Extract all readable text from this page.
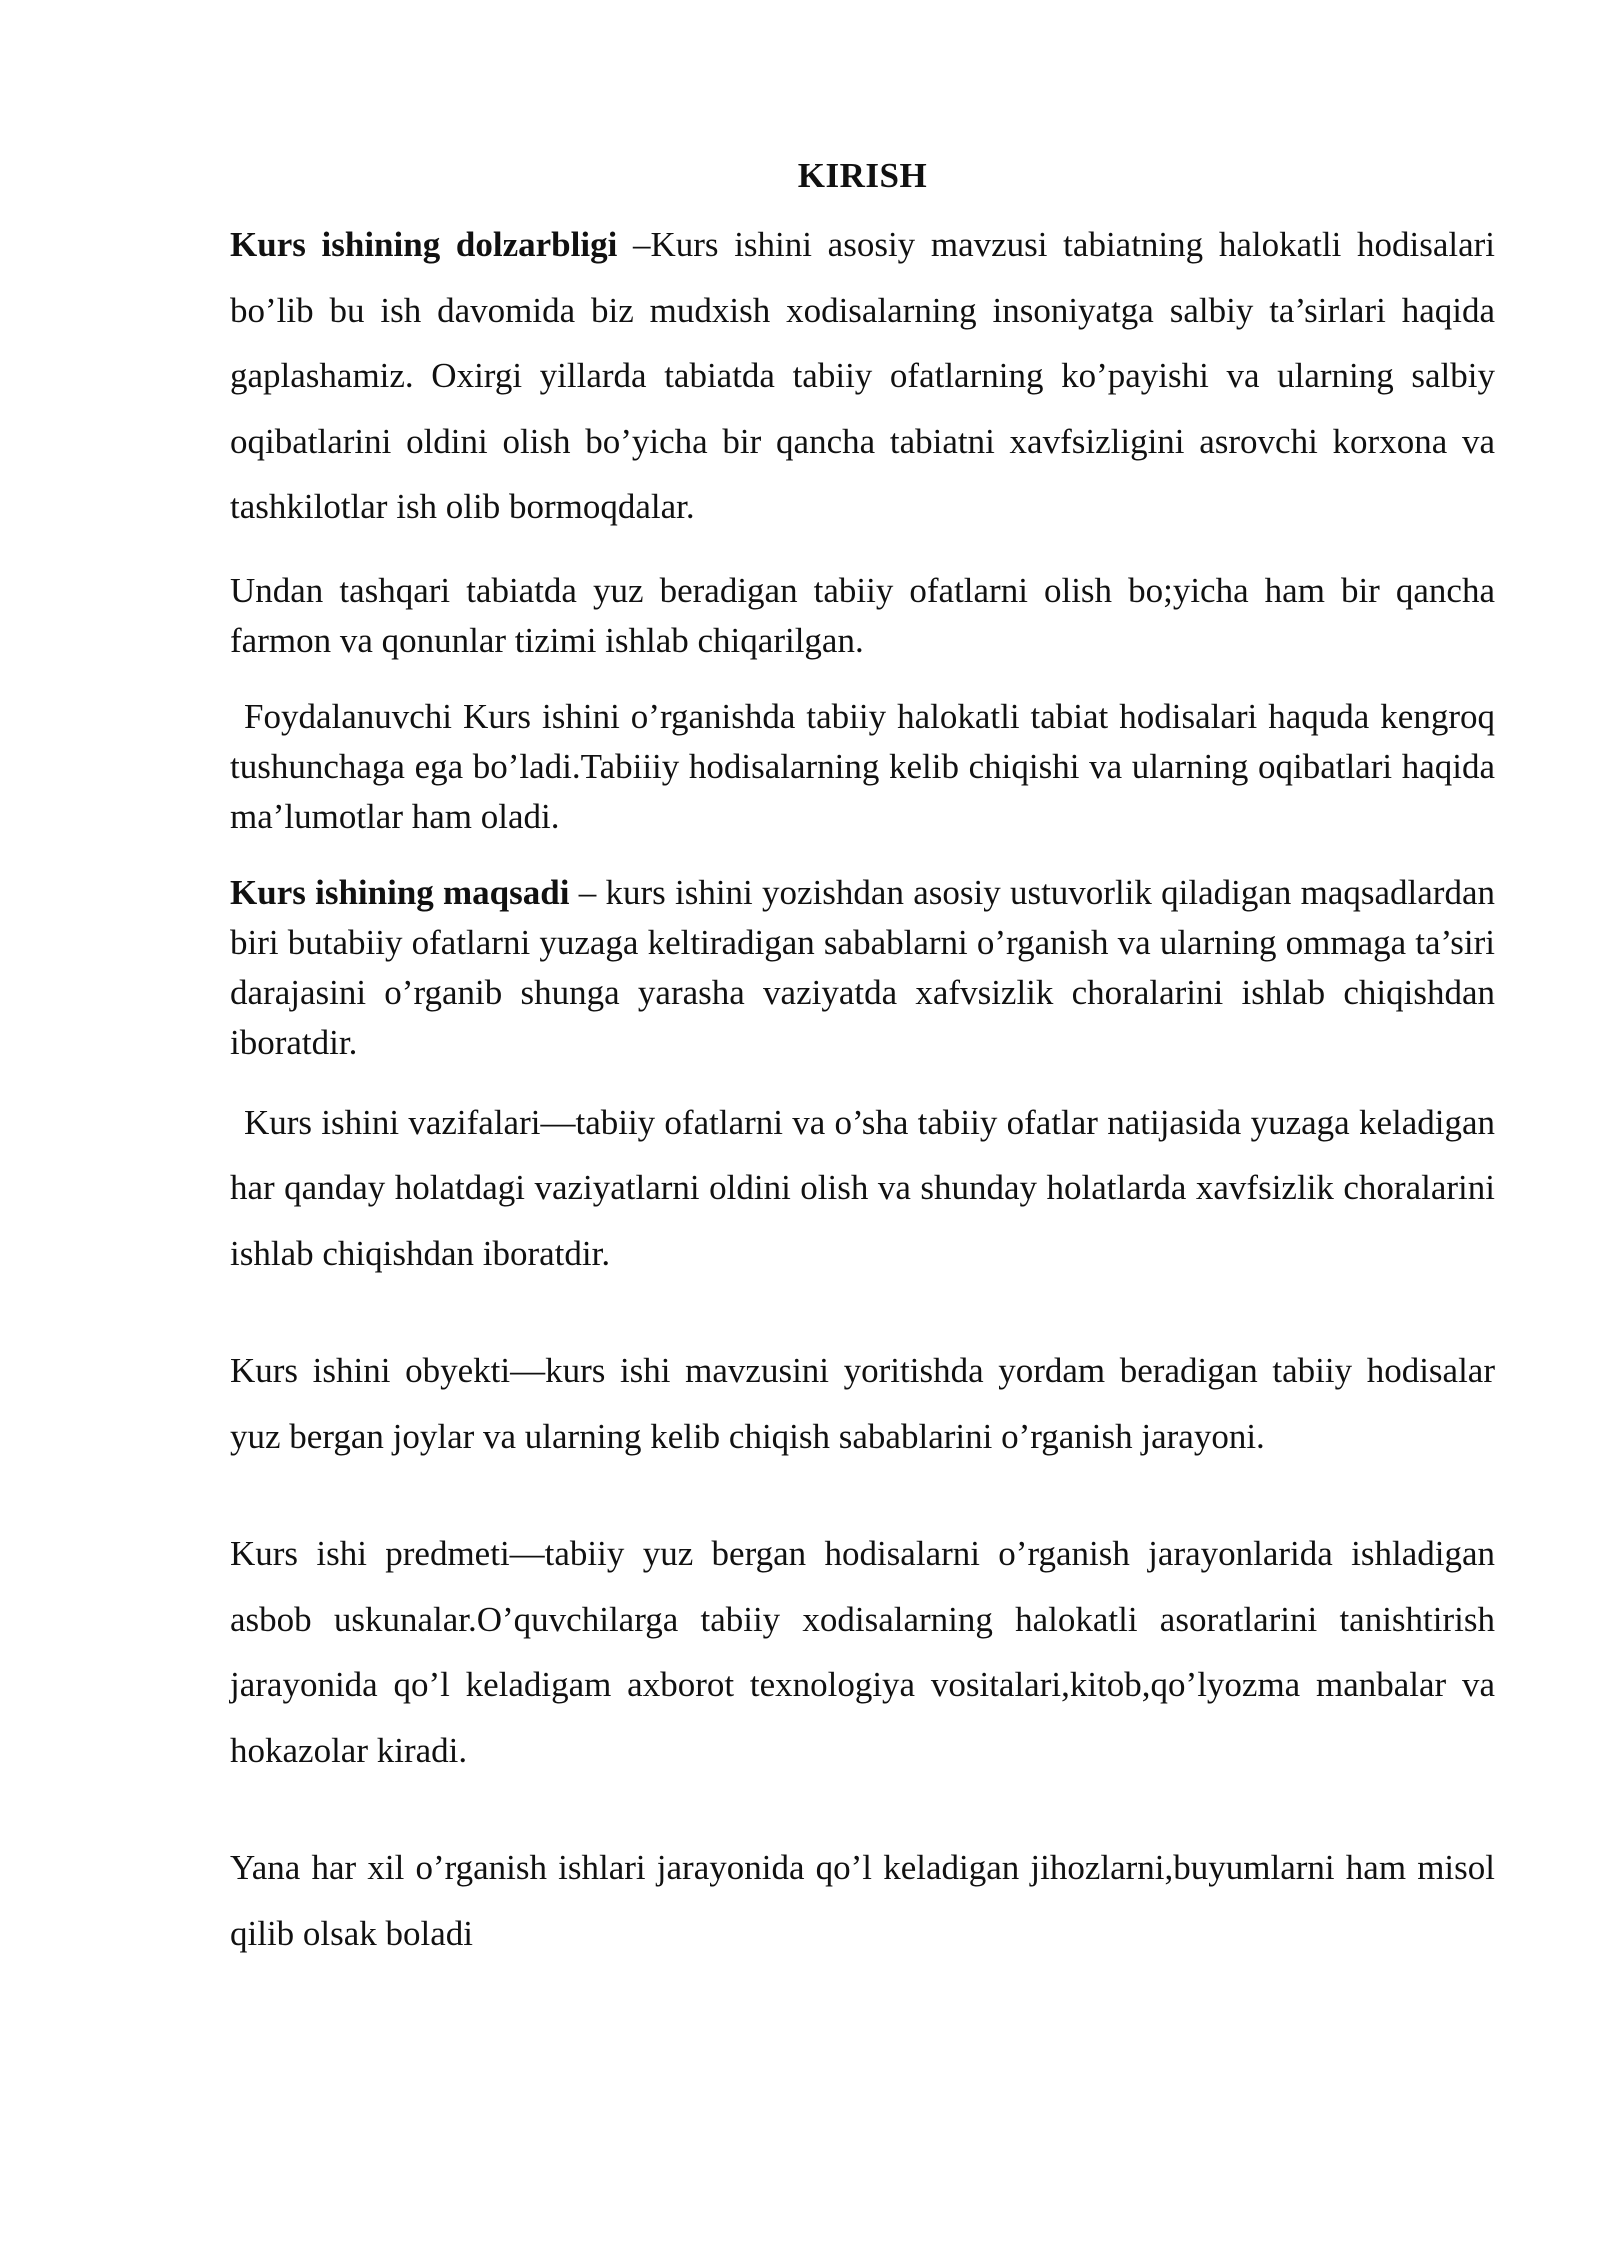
KIRISH

Kurs ishining dolzarbligi –Kurs ishini asosiy mavzusi tabiatning halokatli hodisalari bo’lib bu ish davomida biz mudxish xodisalarning insoniyatga salbiy ta’sirlari haqida gaplashamiz. Oxirgi yillarda tabiatda tabiiy ofatlarning ko’payishi va ularning salbiy oqibatlarini oldini olish bo’yicha bir qancha tabiatni xavfsizligini asrovchi korxona va tashkilotlar ish olib bormoqdalar.

Undan tashqari tabiatda yuz beradigan tabiiy ofatlarni olish bo;yicha ham bir qancha farmon va qonunlar tizimi ishlab chiqarilgan.

Foydalanuvchi Kurs ishini o’rganishda tabiiy halokatli tabiat hodisalari haquda kengroq tushunchaga ega bo’ladi.Tabiiiy hodisalarning kelib chiqishi va ularning oqibatlari haqida ma’lumotlar ham oladi.

Kurs ishining maqsadi – kurs ishini yozishdan asosiy ustuvorlik qiladigan maqsadlardan biri butabiiy ofatlarni yuzaga keltiradigan sabablarni o’rganish va ularning ommaga ta’siri darajasini o’rganib shunga yarasha vaziyatda xafvsizlik choralarini ishlab chiqishdan iboratdir.

Kurs ishini vazifalari—tabiiy ofatlarni va o’sha tabiiy ofatlar natijasida yuzaga keladigan har qanday holatdagi vaziyatlarni oldini olish va shunday holatlarda xavfsizlik choralarini ishlab chiqishdan iboratdir.

Kurs ishini obyekti—kurs ishi mavzusini yoritishda yordam beradigan tabiiy hodisalar yuz bergan joylar va ularning kelib chiqish sabablarini o’rganish jarayoni.

Kurs ishi predmeti—tabiiy yuz bergan hodisalarni o’rganish jarayonlarida ishladigan asbob uskunalar.O’quvchilarga tabiiy xodisalarning halokatli asoratlarini tanishtirish jarayonida qo’l keladigam axborot texnologiya vositalari,kitob,qo’lyozma manbalar va hokazolar kiradi.

Yana har xil o’rganish ishlari jarayonida qo’l keladigan jihozlarni,buyumlarni ham misol qilib olsak boladi
